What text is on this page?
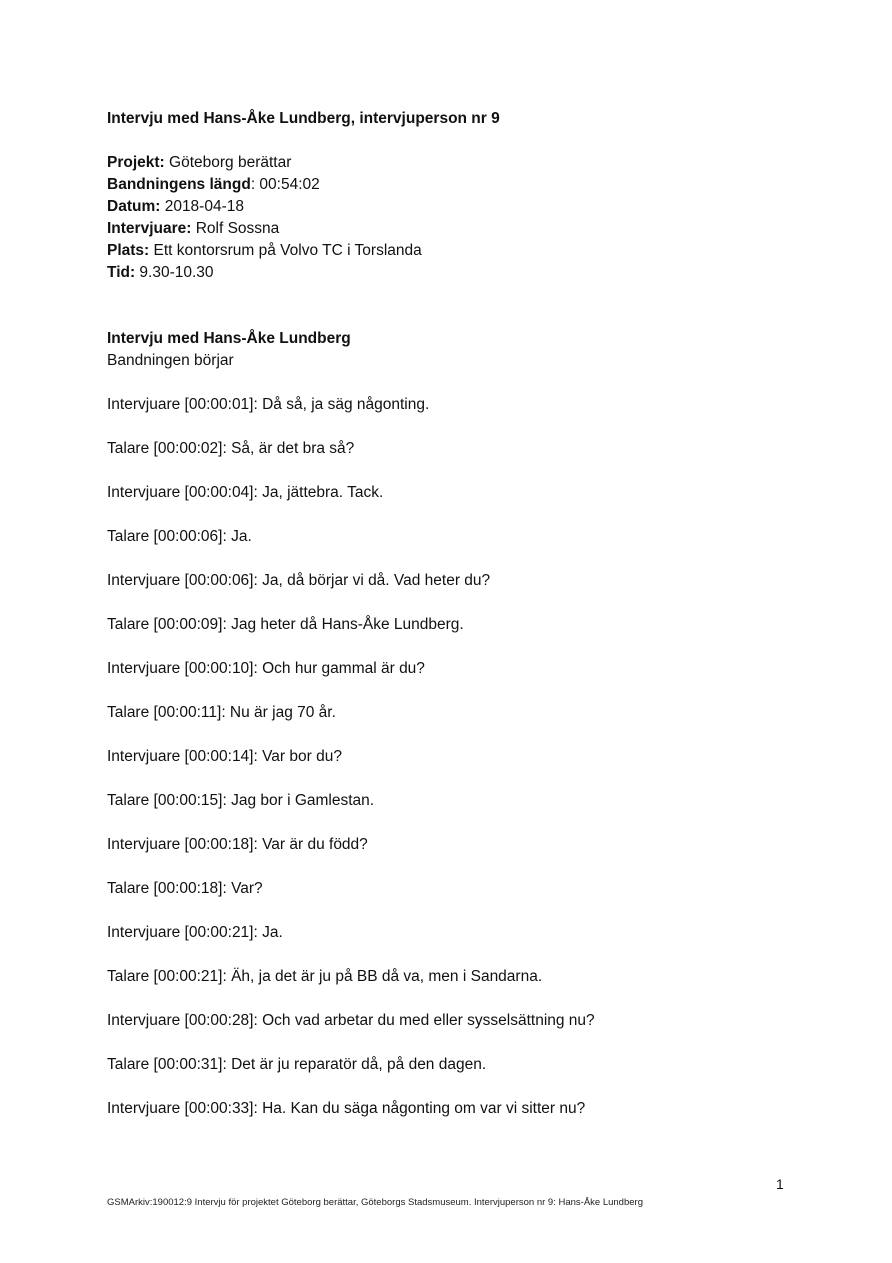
Intervju med Hans-Åke Lundberg, intervjuperson nr 9
Projekt: Göteborg berättar
Bandningens längd: 00:54:02
Datum: 2018-04-18
Intervjuare: Rolf Sossna
Plats: Ett kontorsrum på Volvo TC i Torslanda
Tid: 9.30-10.30
Intervju med Hans-Åke Lundberg
Bandningen börjar
Intervjuare [00:00:01]: Då så, ja säg någonting.
Talare [00:00:02]: Så, är det bra så?
Intervjuare [00:00:04]: Ja, jättebra. Tack.
Talare [00:00:06]: Ja.
Intervjuare [00:00:06]: Ja, då börjar vi då. Vad heter du?
Talare [00:00:09]: Jag heter då Hans-Åke Lundberg.
Intervjuare [00:00:10]: Och hur gammal är du?
Talare [00:00:11]: Nu är jag 70 år.
Intervjuare [00:00:14]: Var bor du?
Talare [00:00:15]: Jag bor i Gamlestan.
Intervjuare [00:00:18]: Var är du född?
Talare [00:00:18]: Var?
Intervjuare [00:00:21]: Ja.
Talare [00:00:21]: Äh, ja det är ju på BB då va, men i Sandarna.
Intervjuare [00:00:28]: Och vad arbetar du med eller sysselsättning nu?
Talare [00:00:31]: Det är ju reparatör då, på den dagen.
Intervjuare [00:00:33]: Ha. Kan du säga någonting om var vi sitter nu?
1
GSMArkiv:190012:9 Intervju för projektet Göteborg berättar, Göteborgs Stadsmuseum. Intervjuperson nr 9: Hans-Åke Lundberg
